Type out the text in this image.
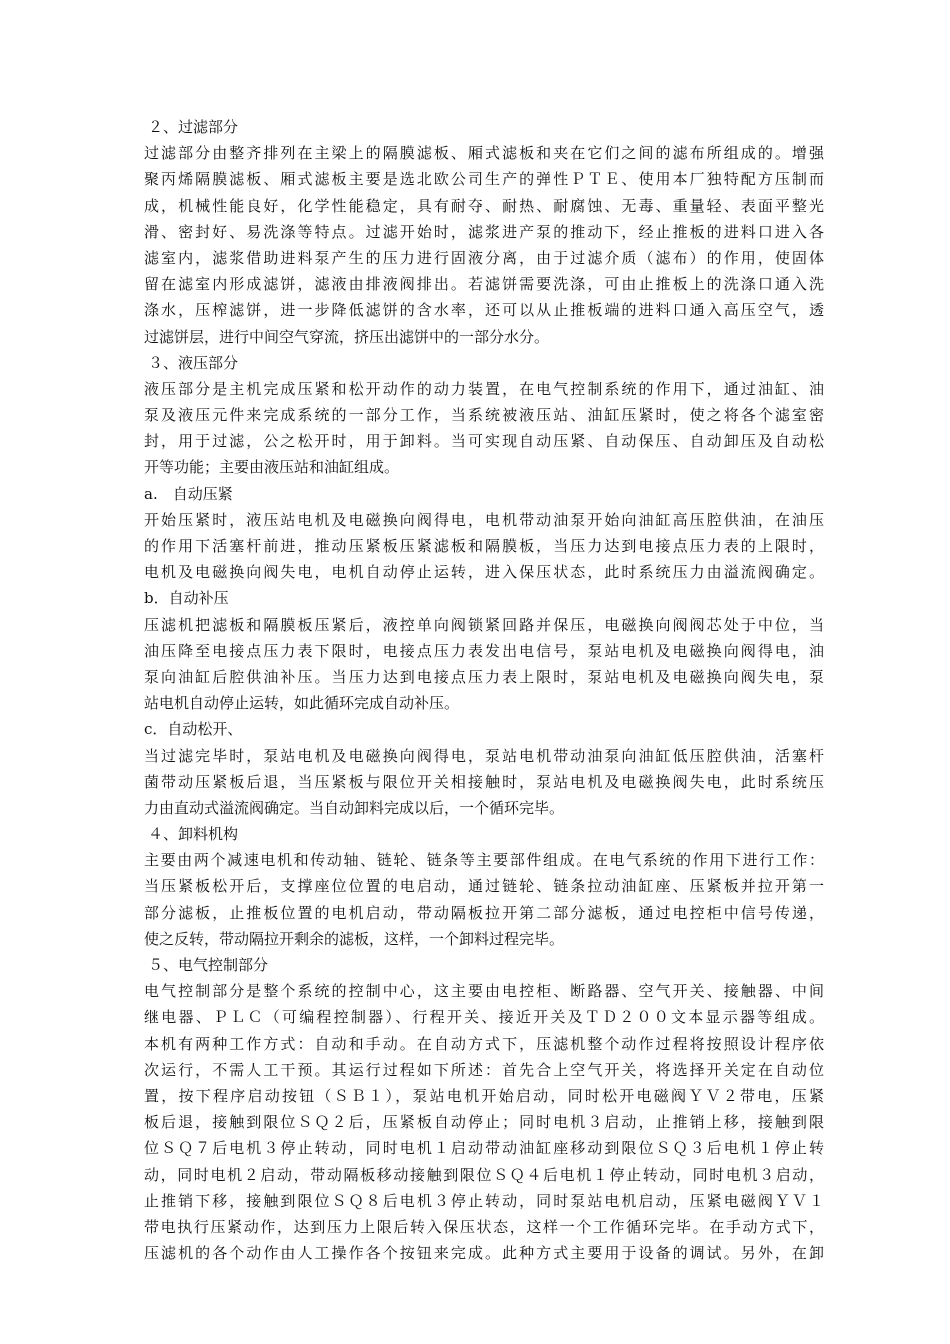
２、过滤部分
过滤部分由整齐排列在主梁上的隔膜滤板、厢式滤板和夹在它们之间的滤布所组成的。增强
聚丙烯隔膜滤板、厢式滤板主要是选北欧公司生产的弹性ＰＴＥ、使用本厂独特配方压制而
成，机械性能良好，化学性能稳定，具有耐夺、耐热、耐腐蚀、无毒、重量轻、表面平整光
滑、密封好、易洗涤等特点。过滤开始时，滤浆进产泵的推动下，经止推板的进料口进入各
滤室内，滤浆借助进料泵产生的压力进行固液分离，由于过滤介质（滤布）的作用，使固体
留在滤室内形成滤饼，滤液由排液阀排出。若滤饼需要洗涤，可由止推板上的洗涤口通入洗
涤水，压榨滤饼，进一步降低滤饼的含水率，还可以从止推板端的进料口通入高压空气，透
过滤饼层，进行中间空气穿流，挤压出滤饼中的一部分水分。
３、液压部分
液压部分是主机完成压紧和松开动作的动力装置，在电气控制系统的作用下，通过油缸、油
泵及液压元件来完成系统的一部分工作，当系统被液压站、油缸压紧时，使之将各个滤室密
封，用于过滤，公之松开时，用于卸料。当可实现自动压紧、自动保压、自动卸压及自动松
开等功能；主要由液压站和油缸组成。
a.　自动压紧
开始压紧时，液压站电机及电磁换向阀得电，电机带动油泵开始向油缸高压腔供油，在油压
的作用下活塞杆前进，推动压紧板压紧滤板和隔膜板，当压力达到电接点压力表的上限时，
电机及电磁换向阀失电，电机自动停止运转，进入保压状态，此时系统压力由溢流阀确定。
b．自动补压
压滤机把滤板和隔膜板压紧后，液控单向阀锁紧回路并保压，电磁换向阀阀芯处于中位，当
油压降至电接点压力表下限时，电接点压力表发出电信号，泵站电机及电磁换向阀得电，油
泵向油缸后腔供油补压。当压力达到电接点压力表上限时，泵站电机及电磁换向阀失电，泵
站电机自动停止运转，如此循环完成自动补压。
c．自动松开、
当过滤完毕时，泵站电机及电磁换向阀得电，泵站电机带动油泵向油缸低压腔供油，活塞杆
菌带动压紧板后退，当压紧板与限位开关相接触时，泵站电机及电磁换阀失电，此时系统压
力由直动式溢流阀确定。当自动卸料完成以后，一个循环完毕。
４、卸料机构
主要由两个减速电机和传动轴、链轮、链条等主要部件组成。在电气系统的作用下进行工作：
当压紧板松开后，支撑座位位置的电启动，通过链轮、链条拉动油缸座、压紧板并拉开第一
部分滤板，止推板位置的电机启动，带动隔板拉开第二部分滤板，通过电控柜中信号传递，
使之反转，带动隔拉开剩余的滤板，这样，一个卸料过程完毕。
５、电气控制部分
电气控制部分是整个系统的控制中心，这主要由电控柜、断路器、空气开关、接触器、中间
继电器、ＰＬＣ（可编程控制器）、行程开关、接近开关及ＴＤ２００文本显示器等组成。
本机有两种工作方式：自动和手动。在自动方式下，压滤机整个动作过程将按照设计程序依
次运行，不需人工干预。其运行过程如下所述：首先合上空气开关，将选择开关定在自动位
置，按下程序启动按钮（ＳＢ１），泵站电机开始启动，同时松开电磁阀ＹＶ２带电，压紧
板后退，接触到限位ＳＱ２后，压紧板自动停止；同时电机３启动，止推销上移，接触到限
位ＳＱ７后电机３停止转动，同时电机１启动带动油缸座移动到限位ＳＱ３后电机１停止转
动，同时电机２启动，带动隔板移动接触到限位ＳＱ４后电机１停止转动，同时电机３启动，
止推销下移，接触到限位ＳＱ８后电机３停止转动，同时泵站电机启动，压紧电磁阀ＹＶ１
带电执行压紧动作，达到压力上限后转入保压状态，这样一个工作循环完毕。在手动方式下，
压滤机的各个动作由人工操作各个按钮来完成。此种方式主要用于设备的调试。另外，在卸
